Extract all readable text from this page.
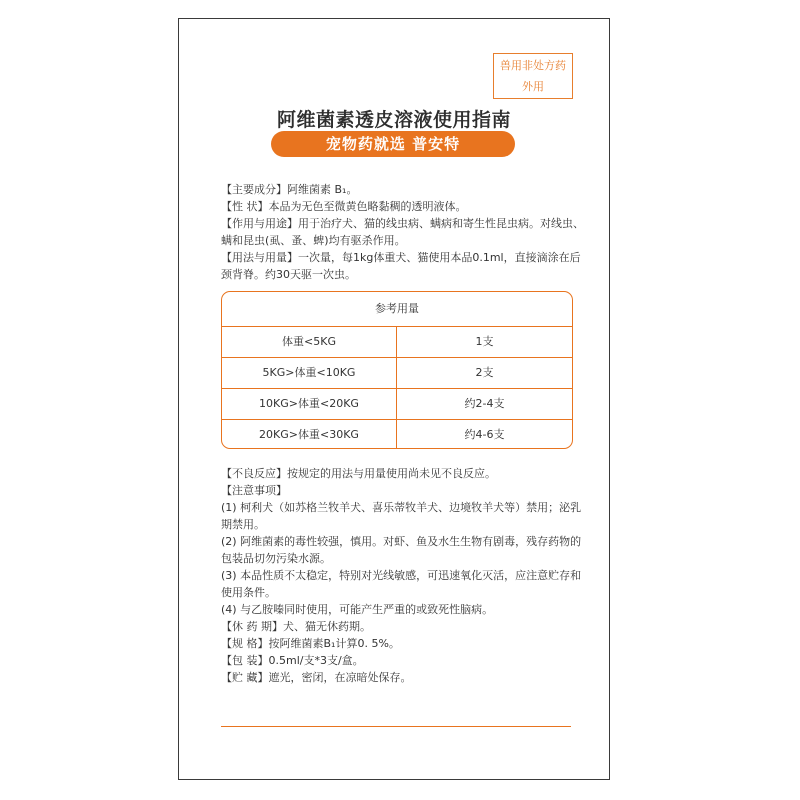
兽用非处方药
外用
阿维菌素透皮溶液使用指南
宠物药就选 普安特

【主要成分】阿维菌素 B₁。

【性 状】本品为无色至微黄色略黏稠的透明液体。

【作用与用途】用于治疗犬、猫的线虫病、螨病和寄生性昆虫病。对线虫、螨和昆虫(虱、蚤、蜱)均有驱杀作用。

【用法与用量】一次量，每1kg体重犬、猫使用本品0.1ml，直接滴涂在后颈背脊。约30天驱一次虫。

参考用量
体重<5KG	1支
5KG>体重<10KG	2支
10KG>体重<20KG	约2-4支
20KG>体重<30KG	约4-6支

【不良反应】按规定的用法与用量使用尚未见不良反应。

【注意事项】

(1) 柯利犬（如苏格兰牧羊犬、喜乐蒂牧羊犬、边境牧羊犬等）禁用；泌乳期禁用。

(2) 阿维菌素的毒性较强，慎用。对虾、鱼及水生生物有剧毒，残存药物的包装品切勿污染水源。

(3) 本品性质不太稳定，特别对光线敏感，可迅速氧化灭活，应注意贮存和使用条件。

(4) 与乙胺嗪同时使用，可能产生严重的或致死性脑病。

【休 药 期】犬、猫无休药期。

【规 格】按阿维菌素B₁计算0. 5%。

【包 装】0.5ml/支*3支/盒。

【贮 藏】遮光，密闭，在凉暗处保存。
